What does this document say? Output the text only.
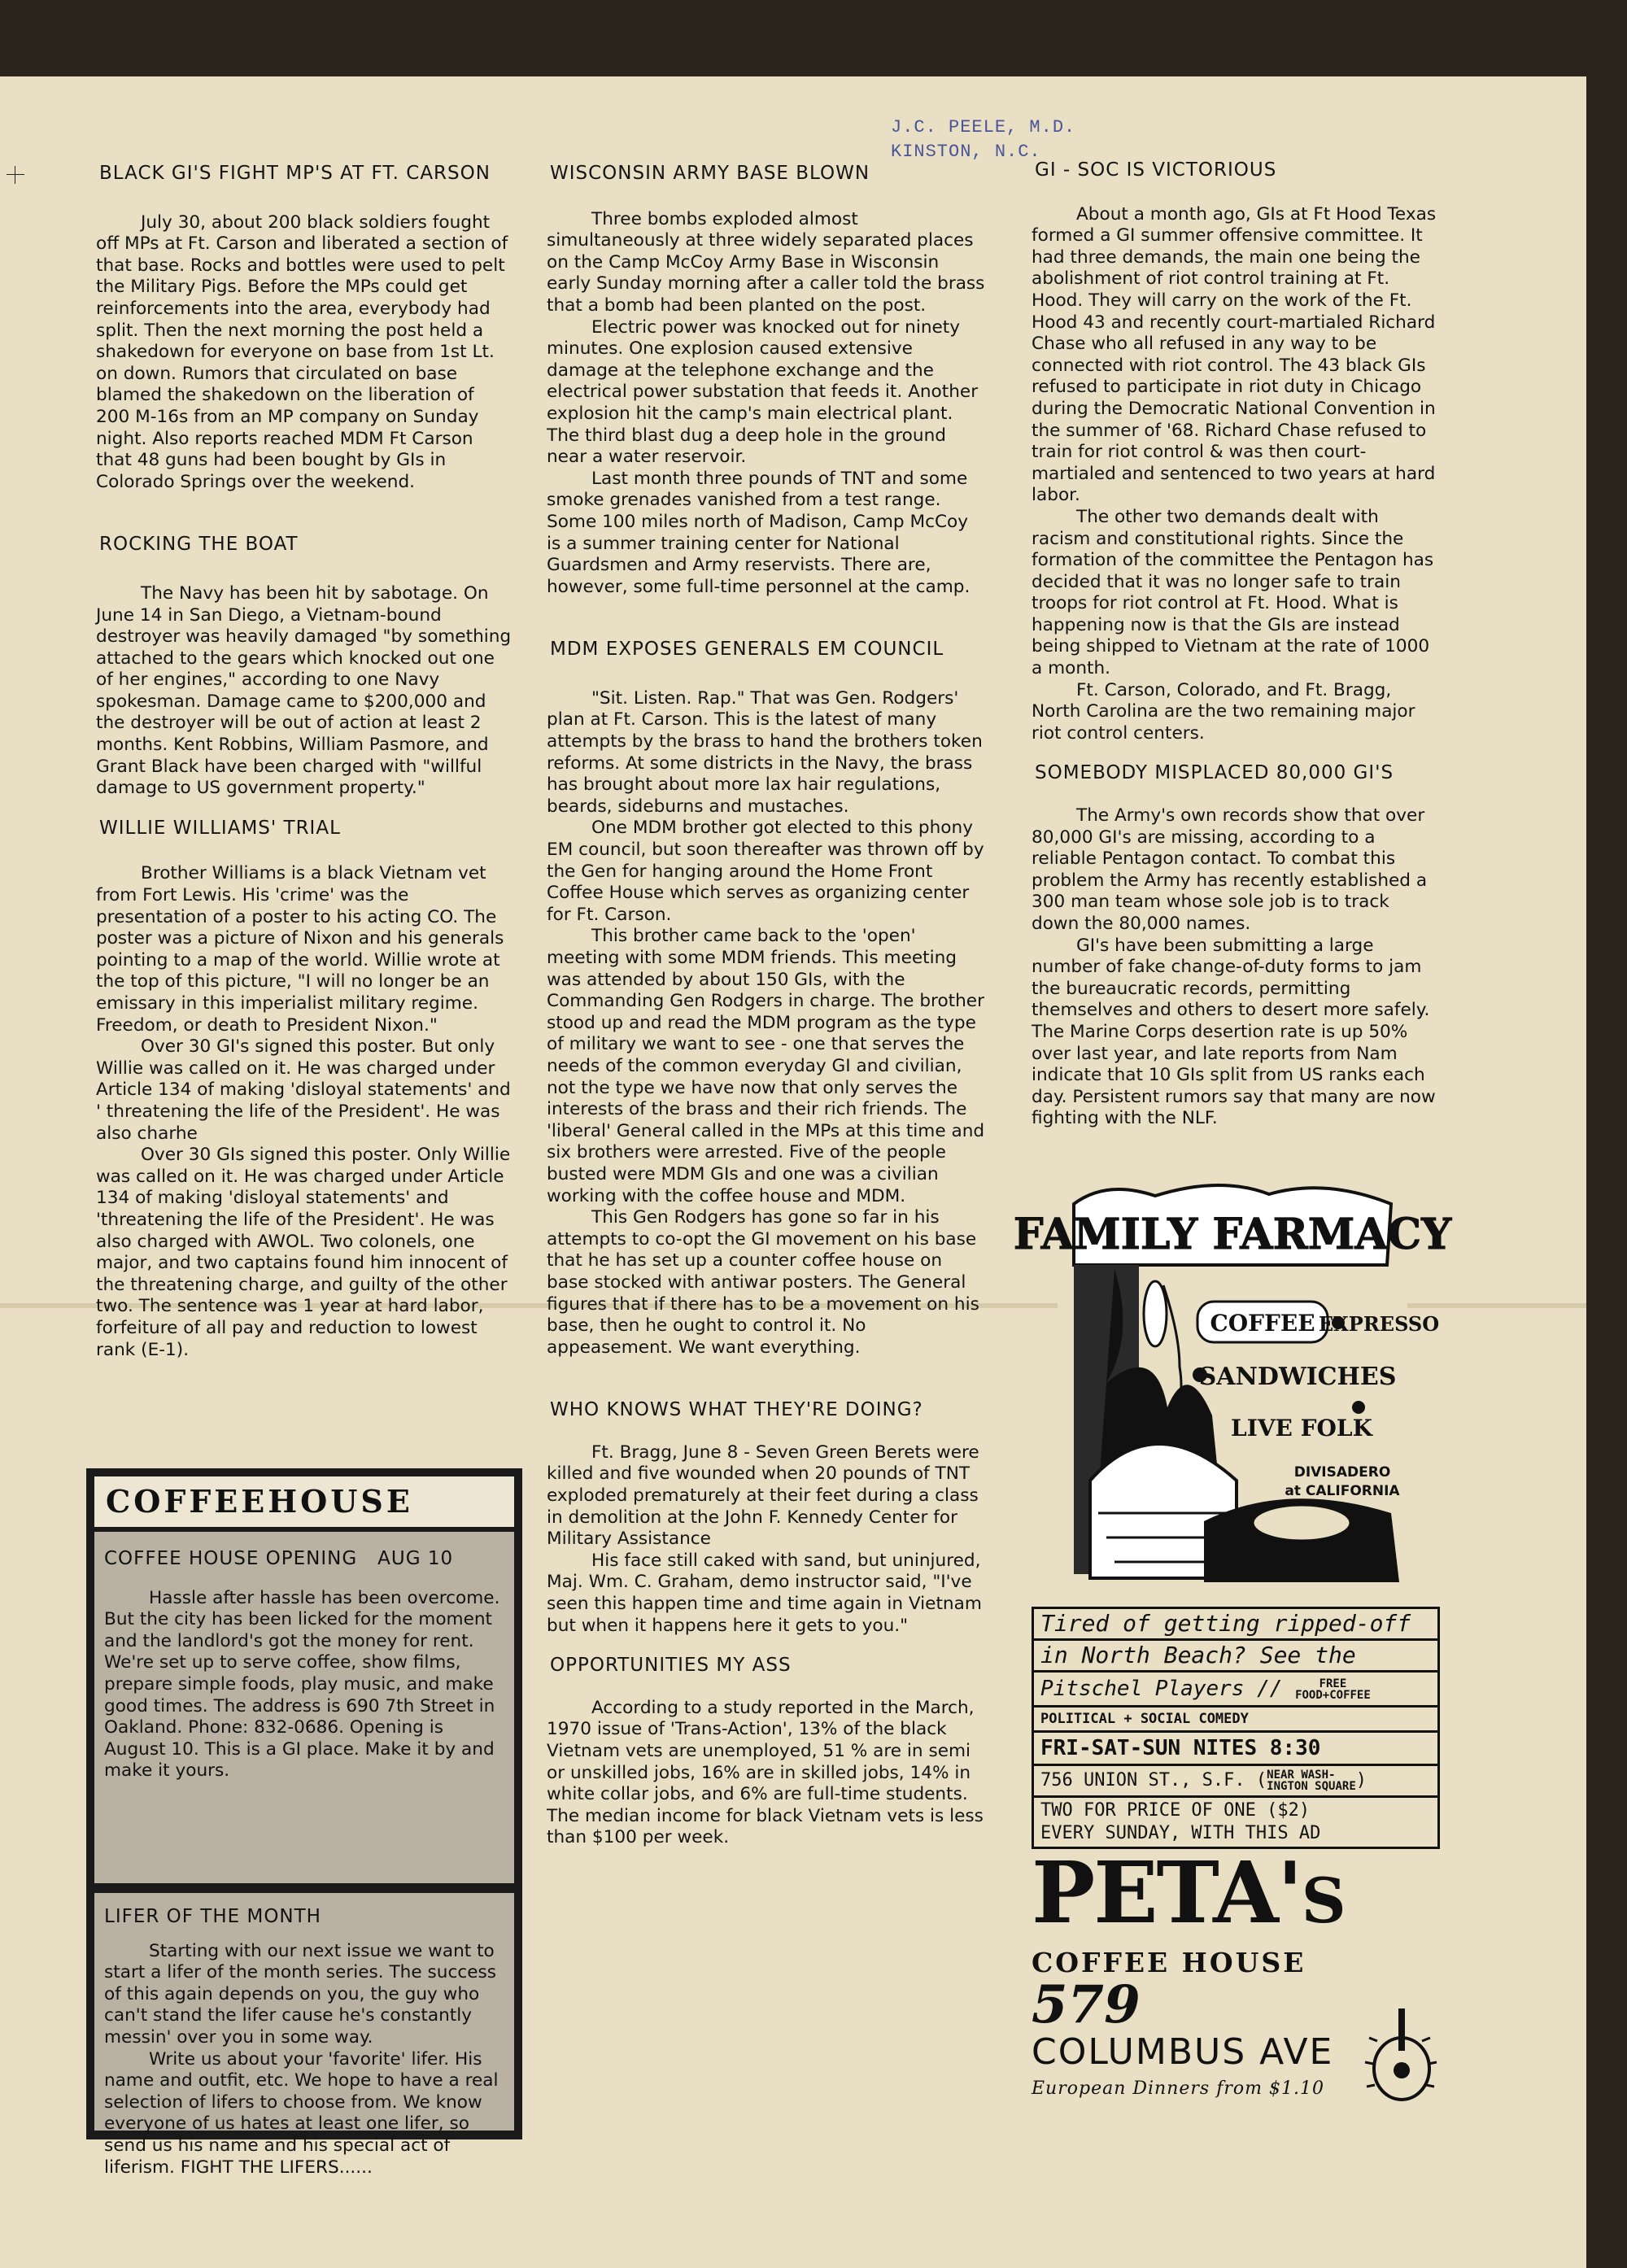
J.C. PEELE, M.D.
KINSTON, N.C.
BLACK GI'S FIGHT MP'S AT FT. CARSON

July 30, about 200 black soldiers fought off MPs at Ft. Carson and liberated a section of that base. Rocks and bottles were used to pelt the Military Pigs. Before the MPs could get reinforcements into the area, everybody had split. Then the next morning the post held a shakedown for everyone on base from 1st Lt. on down. Rumors that circulated on base blamed the shakedown on the liberation of 200 M-16s from an MP company on Sunday night. Also reports reached MDM Ft Carson that 48 guns had been bought by GIs in Colorado Springs over the weekend.

ROCKING THE BOAT

The Navy has been hit by sabotage. On June 14 in San Diego, a Vietnam-bound destroyer was heavily damaged "by something attached to the gears which knocked out one of her engines," according to one Navy spokesman. Damage came to $200,000 and the destroyer will be out of action at least 2 months. Kent Robbins, William Pasmore, and Grant Black have been charged with "willful damage to US government property."

WILLIE WILLIAMS' TRIAL

Brother Williams is a black Vietnam vet from Fort Lewis. His 'crime' was the presentation of a poster to his acting CO. The poster was a picture of Nixon and his generals pointing to a map of the world. Willie wrote at the top of this picture, "I will no longer be an emissary in this imperialist military regime. Freedom, or death to President Nixon."

Over 30 GI's signed this poster. But only Willie was called on it. He was charged under Article 134 of making 'disloyal statements' and ' threatening the life of the President'. He was also charhe

Over 30 GIs signed this poster. Only Willie was called on it. He was charged under Article 134 of making 'disloyal statements' and 'threatening the life of the President'. He was also charged with AWOL. Two colonels, one major, and two captains found him innocent of the threatening charge, and guilty of the other two. The sentence was 1 year at hard labor, forfeiture of all pay and reduction to lowest rank (E-1).

COFFEEHOUSE
COFFEE HOUSE OPENING   AUG 10

Hassle after hassle has been overcome. But the city has been licked for the moment and the landlord's got the money for rent. We're set up to serve coffee, show films, prepare simple foods, play music, and make good times. The address is 690 7th Street in Oakland. Phone: 832-0686. Opening is August 10. This is a GI place. Make it by and make it yours.

LIFER OF THE MONTH

Starting with our next issue we want to start a lifer of the month series. The success of this again depends on you, the guy who can't stand the lifer cause he's constantly messin' over you in some way.

Write us about your 'favorite' lifer. His name and outfit, etc. We hope to have a real selection of lifers to choose from. We know everyone of us hates at least one lifer, so send us his name and his special act of liferism. FIGHT THE LIFERS......

WISCONSIN ARMY BASE BLOWN

Three bombs exploded almost simultaneously at three widely separated places on the Camp McCoy Army Base in Wisconsin early Sunday morning after a caller told the brass that a bomb had been planted on the post.

Electric power was knocked out for ninety minutes. One explosion caused extensive damage at the telephone exchange and the electrical power substation that feeds it. Another explosion hit the camp's main electrical plant. The third blast dug a deep hole in the ground near a water reservoir.

Last month three pounds of TNT and some smoke grenades vanished from a test range. Some 100 miles north of Madison, Camp McCoy is a summer training center for National Guardsmen and Army reservists. There are, however, some full-time personnel at the camp.

MDM EXPOSES GENERALS EM COUNCIL

"Sit. Listen. Rap." That was Gen. Rodgers' plan at Ft. Carson. This is the latest of many attempts by the brass to hand the brothers token reforms. At some districts in the Navy, the brass has brought about more lax hair regulations, beards, sideburns and mustaches.

One MDM brother got elected to this phony EM council, but soon thereafter was thrown off by the Gen for hanging around the Home Front Coffee House which serves as organizing center for Ft. Carson.

This brother came back to the 'open' meeting with some MDM friends. This meeting was attended by about 150 GIs, with the Commanding Gen Rodgers in charge. The brother stood up and read the MDM program as the type of military we want to see - one that serves the needs of the common everyday GI and civilian, not the type we have now that only serves the interests of the brass and their rich friends. The 'liberal' General called in the MPs at this time and six brothers were arrested. Five of the people busted were MDM GIs and one was a civilian working with the coffee house and MDM.

This Gen Rodgers has gone so far in his attempts to co-opt the GI movement on his base that he has set up a counter coffee house on base stocked with antiwar posters. The General figures that if there has to be a movement on his base, then he ought to control it. No appeasement. We want everything.

WHO KNOWS WHAT THEY'RE DOING?

Ft. Bragg, June 8 - Seven Green Berets were killed and five wounded when 20 pounds of TNT exploded prematurely at their feet during a class in demolition at the John F. Kennedy Center for Military Assistance

His face still caked with sand, but uninjured, Maj. Wm. C. Graham, demo instructor said, "I've seen this happen time and time again in Vietnam but when it happens here it gets to you."

OPPORTUNITIES MY ASS

According to a study reported in the March, 1970 issue of 'Trans-Action', 13% of the black Vietnam vets are unemployed, 51 % are in semi or unskilled jobs, 16% are in skilled jobs, 14% in white collar jobs, and 6% are full-time students. The median income for black Vietnam vets is less than $100 per week.

GI - SOC IS VICTORIOUS

About a month ago, GIs at Ft Hood Texas formed a GI summer offensive committee. It had three demands, the main one being the abolishment of riot control training at Ft. Hood. They will carry on the work of the Ft. Hood 43 and recently court-martialed Richard Chase who all refused in any way to be connected with riot control. The 43 black GIs refused to participate in riot duty in Chicago during the Democratic National Convention in the summer of '68. Richard Chase refused to train for riot control & was then court-martialed and sentenced to two years at hard labor.

The other two demands dealt with racism and constitutional rights. Since the formation of the committee the Pentagon has decided that it was no longer safe to train troops for riot control at Ft. Hood. What is happening now is that the GIs are instead being shipped to Vietnam at the rate of 1000 a month.

Ft. Carson, Colorado, and Ft. Bragg, North Carolina are the two remaining major riot control centers.

SOMEBODY MISPLACED 80,000 GI'S

The Army's own records show that over 80,000 GI's are missing, according to a reliable Pentagon contact. To combat this problem the Army has recently established a 300 man team whose sole job is to track down the 80,000 names.

GI's have been submitting a large number of fake change-of-duty forms to jam the bureaucratic records, permitting themselves and others to desert more safely. The Marine Corps desertion rate is up 50% over last year, and late reports from Nam indicate that 10 GIs split from US ranks each day. Persistent rumors say that many are now fighting with the NLF.

FAMILY FARMACY
COFFEE EXPRESSO
SANDWICHES
LIVE FOLK
DIVISADERO
at CALIFORNIA
Tired of getting ripped-off
in North Beach? See the
Pitschel Players // FREE
FOOD+COFFEE
POLITICAL + SOCIAL COMEDY
FRI-SAT-SUN NITES 8:30
756 UNION ST., S.F. (NEAR WASH-
INGTON SQUARE)
TWO FOR PRICE OF ONE ($2)
EVERY SUNDAY, WITH THIS AD
PETA'S
COFFEE HOUSE
579
COLUMBUS AVE
European Dinners from $1.10
